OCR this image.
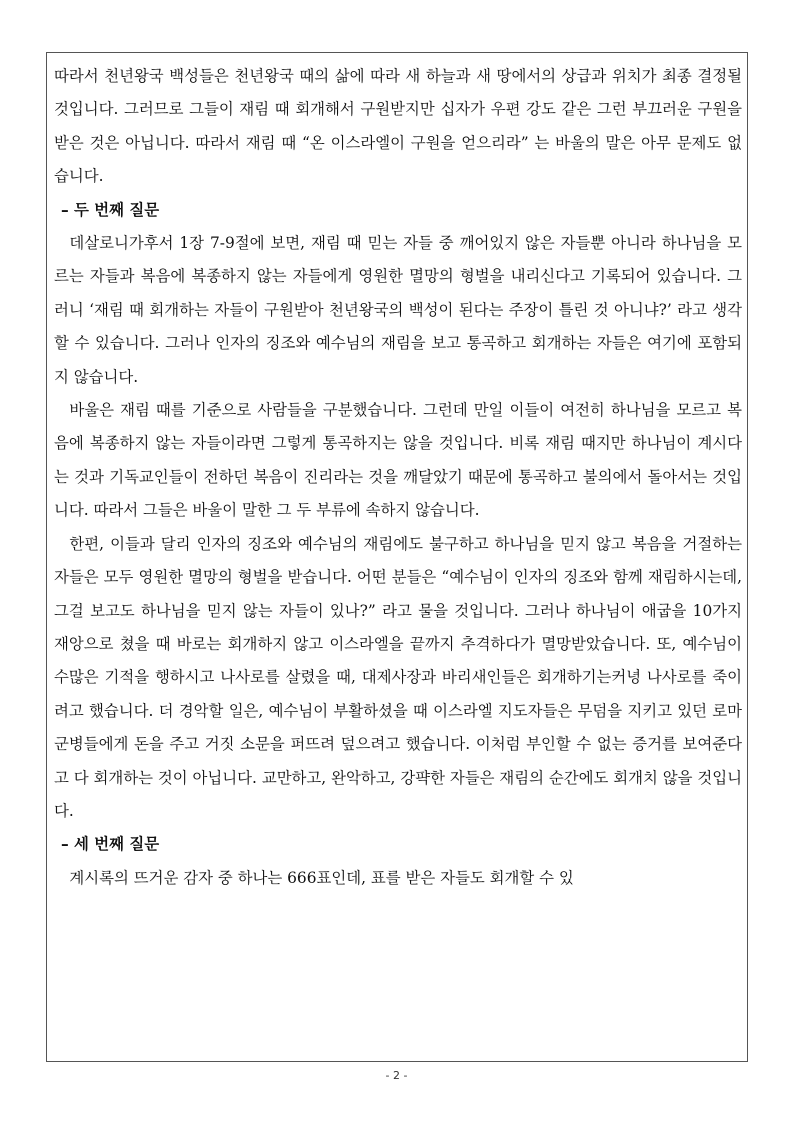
따라서 천년왕국 백성들은 천년왕국 때의 삶에 따라 새 하늘과 새 땅에서의 상급과 위치가 최종 결정될 것입니다. 그러므로 그들이 재림 때 회개해서 구원받지만 십자가 우편 강도 같은 그런 부끄러운 구원을 받은 것은 아닙니다. 따라서 재림 때 “온 이스라엘이 구원을 얻으리라” 는 바울의 말은 아무 문제도 없습니다.

– 두 번째 질문

데살로니가후서 1장 7-9절에 보면, 재림 때 믿는 자들 중 깨어있지 않은 자들뿐 아니라 하나님을 모르는 자들과 복음에 복종하지 않는 자들에게 영원한 멸망의 형벌을 내리신다고 기록되어 있습니다. 그러니 ‘재림 때 회개하는 자들이 구원받아 천년왕국의 백성이 된다는 주장이 틀린 것 아니냐?’ 라고 생각할 수 있습니다. 그러나 인자의 징조와 예수님의 재림을 보고 통곡하고 회개하는 자들은 여기에 포함되지 않습니다.

바울은 재림 때를 기준으로 사람들을 구분했습니다. 그런데 만일 이들이 여전히 하나님을 모르고 복음에 복종하지 않는 자들이라면 그렇게 통곡하지는 않을 것입니다. 비록 재림 때지만 하나님이 계시다는 것과 기독교인들이 전하던 복음이 진리라는 것을 깨달았기 때문에 통곡하고 불의에서 돌아서는 것입니다. 따라서 그들은 바울이 말한 그 두 부류에 속하지 않습니다.

한편, 이들과 달리 인자의 징조와 예수님의 재림에도 불구하고 하나님을 믿지 않고 복음을 거절하는 자들은 모두 영원한 멸망의 형벌을 받습니다. 어떤 분들은 “예수님이 인자의 징조와 함께 재림하시는데, 그걸 보고도 하나님을 믿지 않는 자들이 있나?” 라고 물을 것입니다. 그러나 하나님이 애굽을 10가지 재앙으로 쳤을 때 바로는 회개하지 않고 이스라엘을 끝까지 추격하다가 멸망받았습니다. 또, 예수님이 수많은 기적을 행하시고 나사로를 살렸을 때, 대제사장과 바리새인들은 회개하기는커녕 나사로를 죽이려고 했습니다. 더 경악할 일은, 예수님이 부활하셨을 때 이스라엘 지도자들은 무덤을 지키고 있던 로마 군병들에게 돈을 주고 거짓 소문을 퍼뜨려 덮으려고 했습니다. 이처럼 부인할 수 없는 증거를 보여준다고 다 회개하는 것이 아닙니다. 교만하고, 완악하고, 강퍅한 자들은 재림의 순간에도 회개치 않을 것입니다.

– 세 번째 질문

계시록의 뜨거운 감자 중 하나는 666표인데, 표를 받은 자들도 회개할 수 있

- 2 -
